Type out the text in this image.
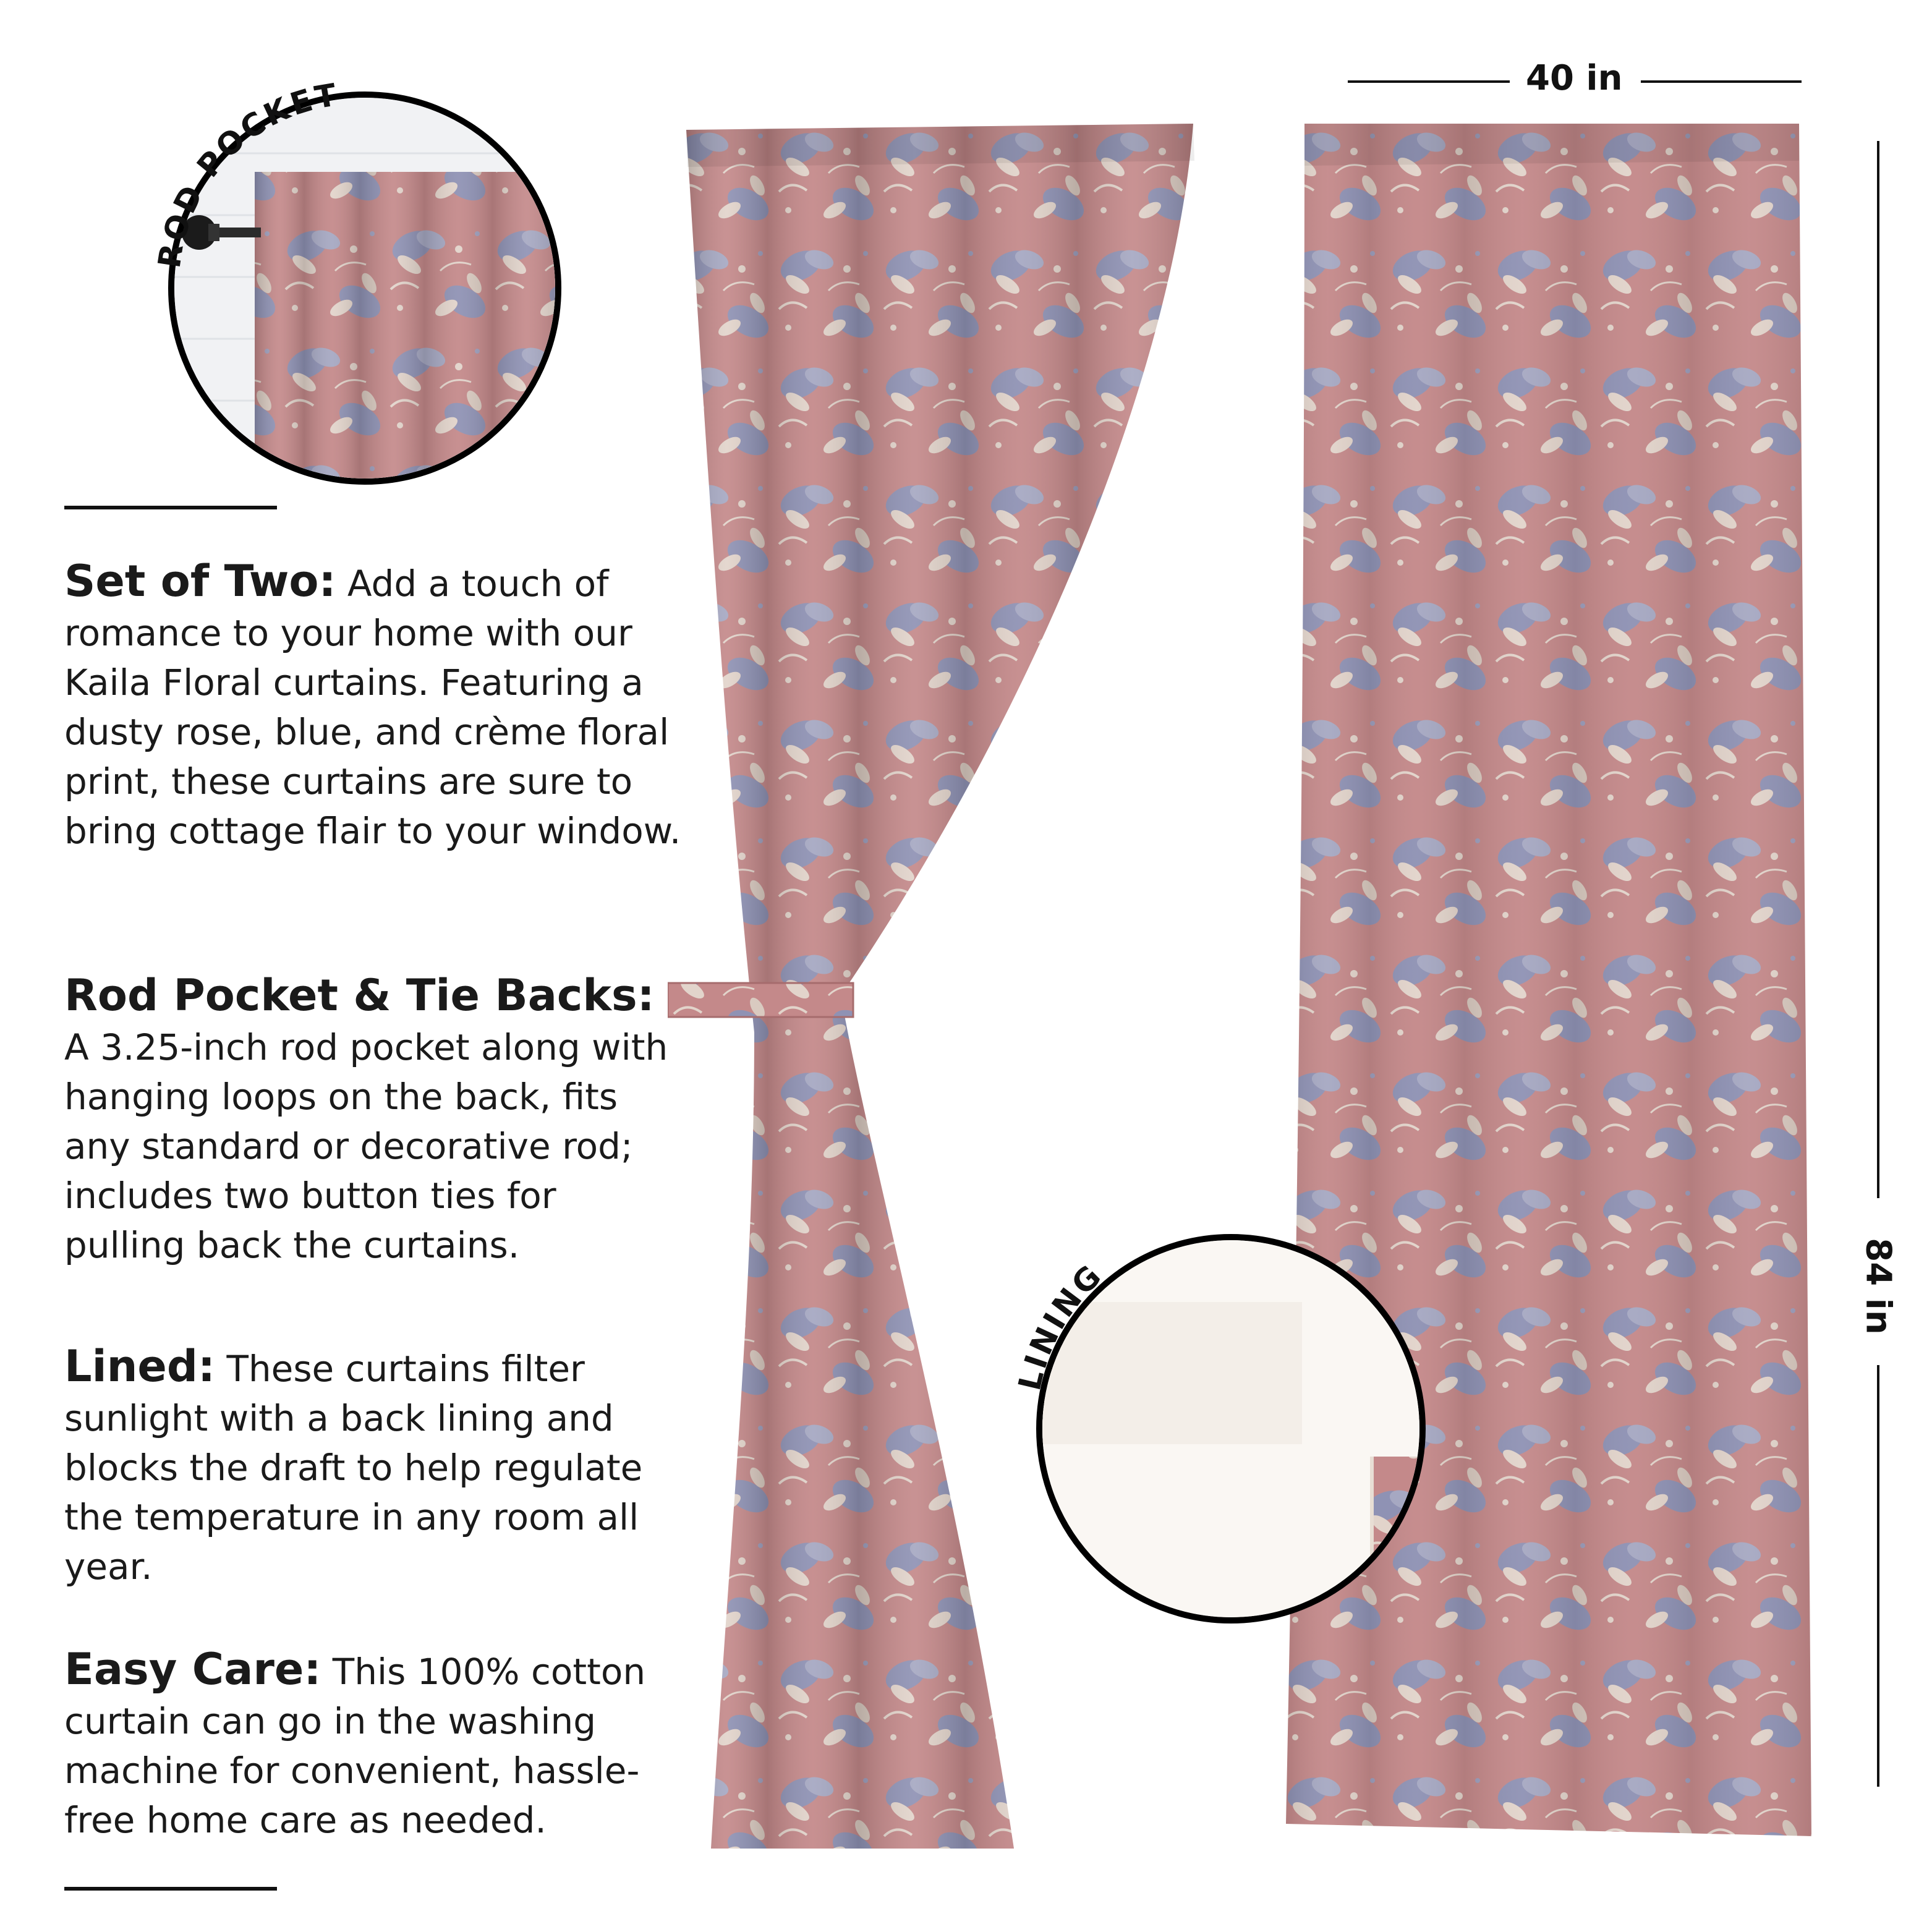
ROD POCKET
Set of Two: Add a touch of romance to your home with our Kaila Floral curtains. Featuring a dusty rose, blue, and crème floral print, these curtains are sure to bring cottage flair to your window.
Rod Pocket & Tie Backs: A 3.25-inch rod pocket along with hanging loops on the back, fits any standard or decorative rod; includes two button ties for pulling back the curtains.
Lined: These curtains filter sunlight with a back lining and blocks the draft to help regulate the temperature in any room all year.
Easy Care: This 100% cotton curtain can go in the washing machine for convenient, hassle-free home care as needed.
LINING
40 in
84 in
